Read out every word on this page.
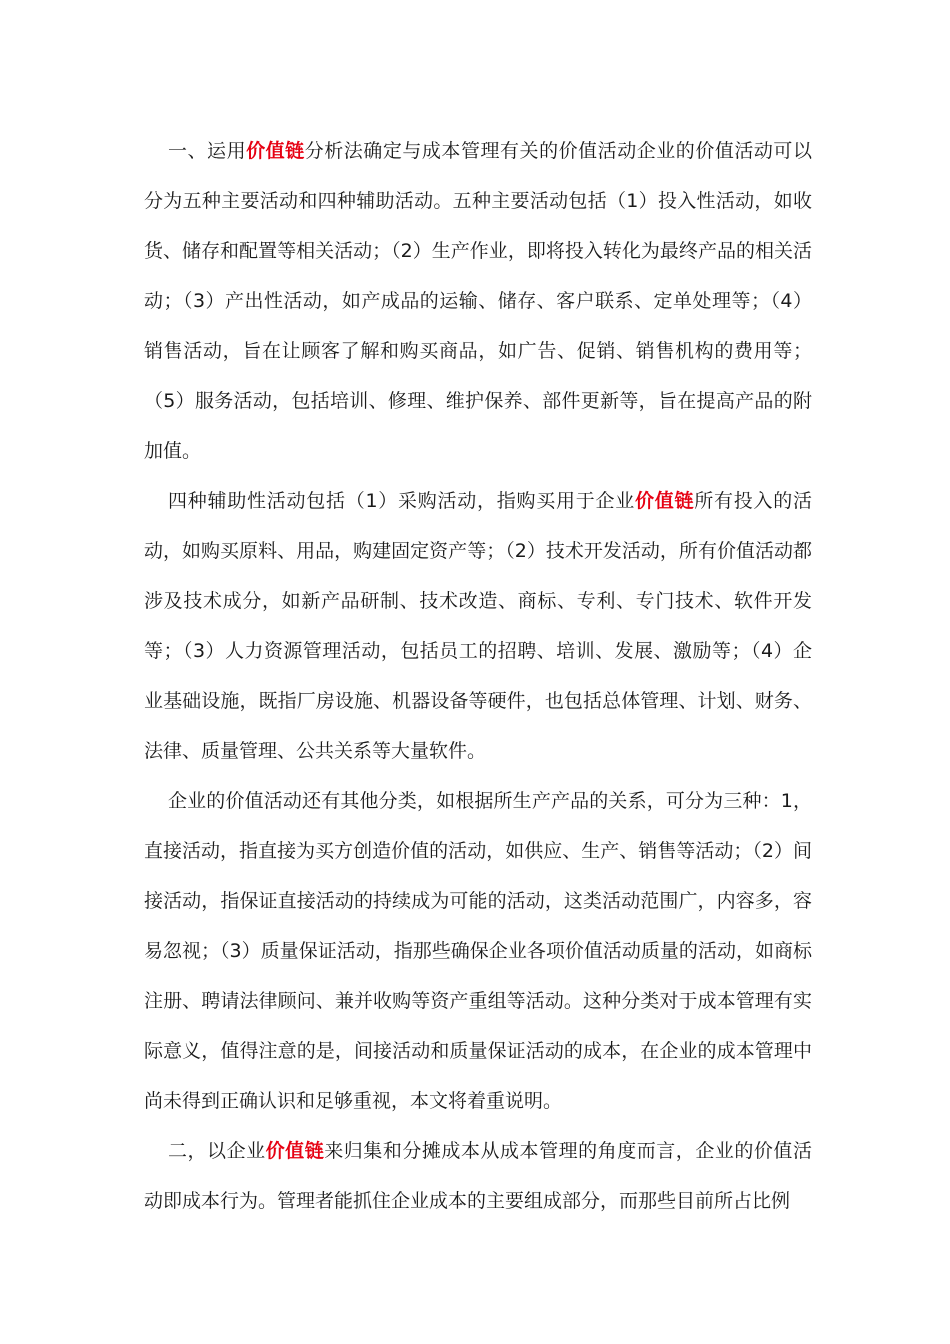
一、运用价值链分析法确定与成本管理有关的价值活动企业的价值活动可以分为五种主要活动和四种辅助活动。五种主要活动包括（1）投入性活动，如收货、储存和配置等相关活动；（2）生产作业，即将投入转化为最终产品的相关活动；（3）产出性活动，如产成品的运输、储存、客户联系、定单处理等；（4）销售活动，旨在让顾客了解和购买商品，如广告、促销、销售机构的费用等；（5）服务活动，包括培训、修理、维护保养、部件更新等，旨在提高产品的附加值。

四种辅助性活动包括（1）采购活动，指购买用于企业价值链所有投入的活动，如购买原料、用品，购建固定资产等；（2）技术开发活动，所有价值活动都涉及技术成分，如新产品研制、技术改造、商标、专利、专门技术、软件开发等；（3）人力资源管理活动，包括员工的招聘、培训、发展、激励等；（4）企业基础设施，既指厂房设施、机器设备等硬件，也包括总体管理、计划、财务、法律、质量管理、公共关系等大量软件。

企业的价值活动还有其他分类，如根据所生产产品的关系，可分为三种：1，直接活动，指直接为买方创造价值的活动，如供应、生产、销售等活动；（2）间接活动，指保证直接活动的持续成为可能的活动，这类活动范围广，内容多，容易忽视；（3）质量保证活动，指那些确保企业各项价值活动质量的活动，如商标注册、聘请法律顾问、兼并收购等资产重组等活动。这种分类对于成本管理有实际意义，值得注意的是，间接活动和质量保证活动的成本，在企业的成本管理中尚未得到正确认识和足够重视，本文将着重说明。

二，以企业价值链来归集和分摊成本从成本管理的角度而言，企业的价值活动即成本行为。管理者能抓住企业成本的主要组成部分，而那些目前所占比例
